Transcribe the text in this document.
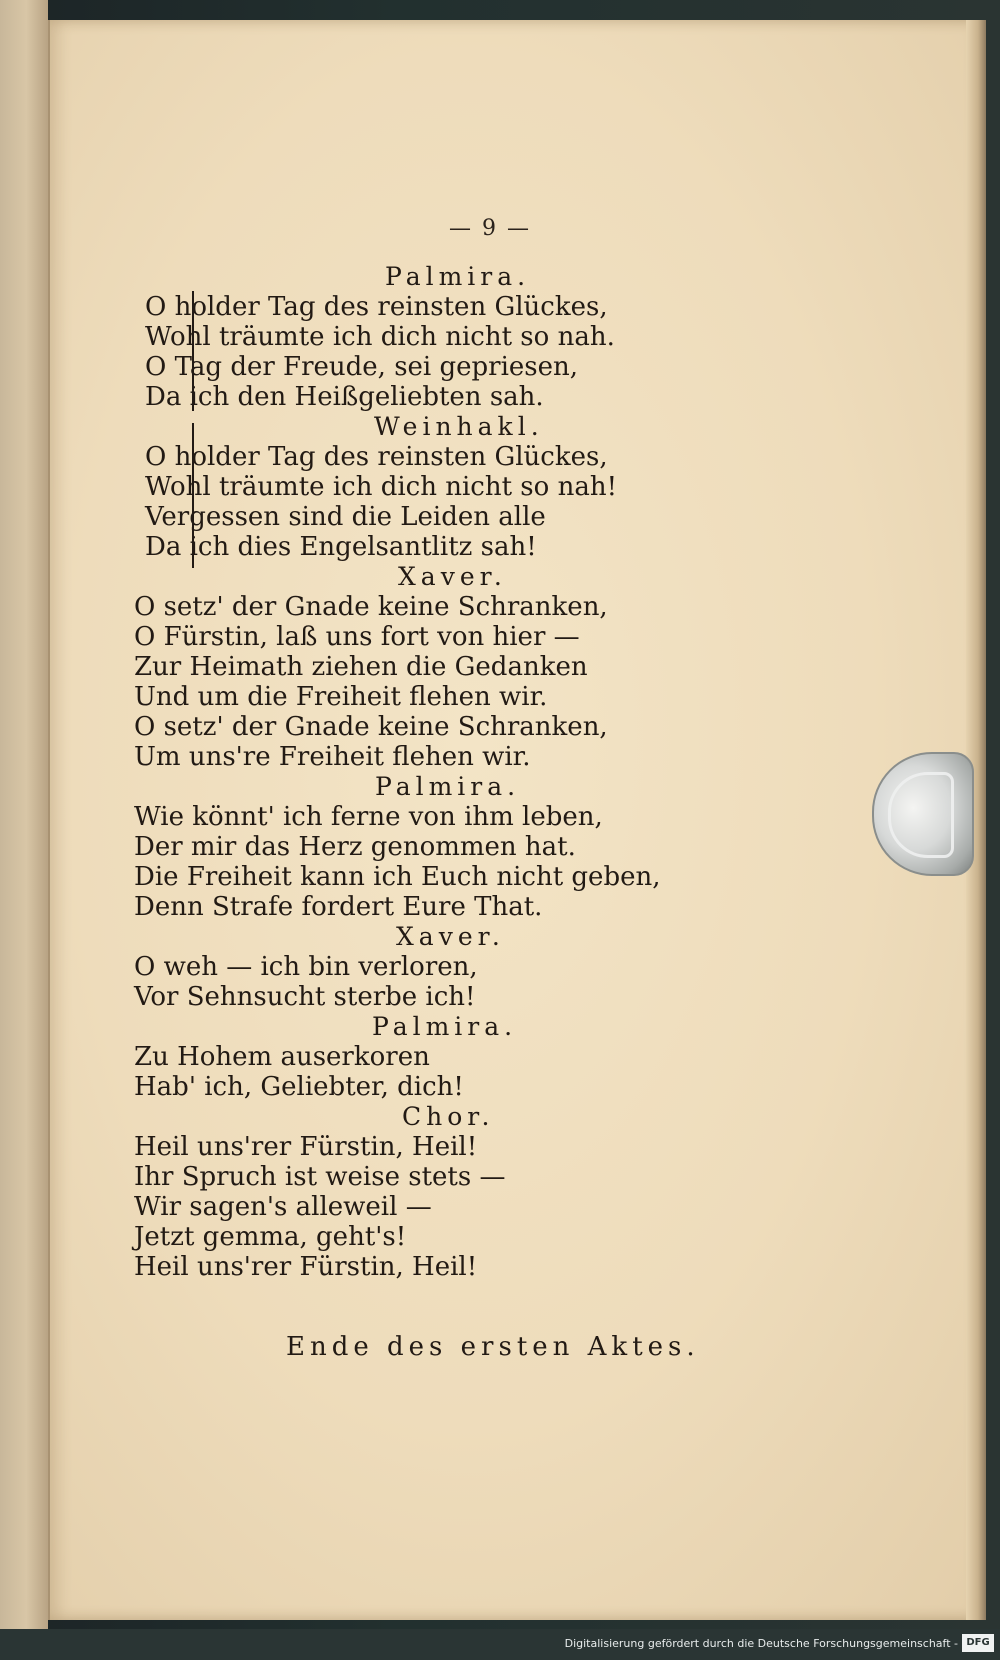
— 9 —
Palmira.
O holder Tag des reinsten Glückes,
Wohl träumte ich dich nicht so nah.
O Tag der Freude, sei gepriesen,
Da ich den Heißgeliebten sah.
Weinhakl.
O holder Tag des reinsten Glückes,
Wohl träumte ich dich nicht so nah!
Vergessen sind die Leiden alle
Da ich dies Engelsantlitz sah!
Xaver.
O setz' der Gnade keine Schranken,
O Fürstin, laß uns fort von hier —
Zur Heimath ziehen die Gedanken
Und um die Freiheit flehen wir.
O setz' der Gnade keine Schranken,
Um uns're Freiheit flehen wir.
Palmira.
Wie könnt' ich ferne von ihm leben,
Der mir das Herz genommen hat.
Die Freiheit kann ich Euch nicht geben,
Denn Strafe fordert Eure That.
Xaver.
O weh — ich bin verloren,
Vor Sehnsucht sterbe ich!
Palmira.
Zu Hohem auserkoren
Hab' ich, Geliebter, dich!
Chor.
Heil uns'rer Fürstin, Heil!
Ihr Spruch ist weise stets —
Wir sagen's alleweil —
Jetzt gemma, geht's!
Heil uns'rer Fürstin, Heil!
Ende des ersten Aktes.
Digitalisierung gefördert durch die Deutsche Forschungsgemeinschaft - DFG
